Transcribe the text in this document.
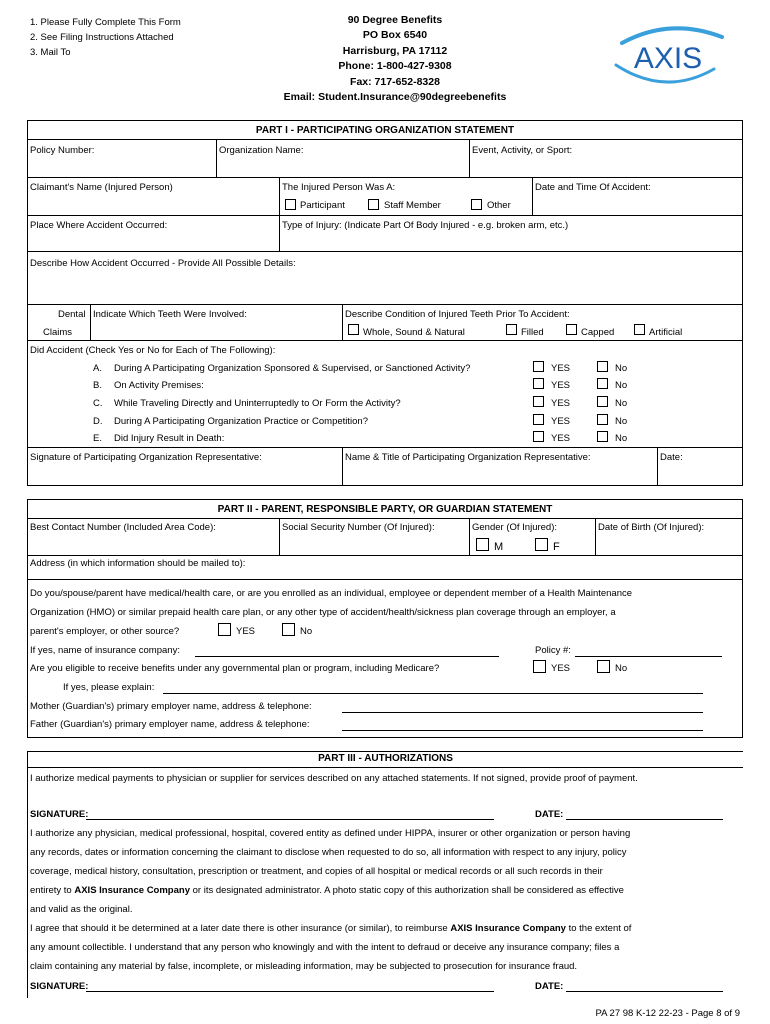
1. Please Fully Complete This Form
2. See Filing Instructions Attached
3. Mail To
90 Degree Benefits
PO Box 6540
Harrisburg, PA 17112
Phone: 1-800-427-9308
Fax: 717-652-8328
Email: Student.Insurance@90degreebenefits
AXIS
PART I - PARTICIPATING ORGANIZATION STATEMENT
Policy Number:	Organization Name:	Event, Activity, or Sport:
Claimant's Name (Injured Person)	The Injured Person Was A:
Participant	Staff Member	Other
Date and Time Of Accident:
Place Where Accident Occurred:	Type of Injury: (Indicate Part Of Body Injured - e.g. broken arm, etc.)
Describe How Accident Occurred - Provide All Possible Details:
Dental
Claims
Indicate Which Teeth Were Involved:	Describe Condition of Injured Teeth Prior To Accident:
Whole, Sound & Natural	Filled	Capped	Artificial
Did Accident (Check Yes or No for Each of The Following):
A. During A Participating Organization Sponsored & Supervised, or Sanctioned Activity?	YES	No
B. On Activity Premises:	YES	No
C. While Traveling Directly and Uninterruptedly to Or Form the Activity?	YES	No
D. During A Participating Organization Practice or Competition?	YES	No
E. Did Injury Result in Death:	YES	No
Signature of Participating Organization Representative:	Name & Title of Participating Organization Representative:	Date:
PART II - PARENT, RESPONSIBLE PARTY, OR GUARDIAN STATEMENT
Best Contact Number (Included Area Code):	Social Security Number (Of Injured):	Gender (Of Injured):
M	F
Date of Birth (Of Injured):
Address (in which information should be mailed to):
Do you/spouse/parent have medical/health care, or are you enrolled as an individual, employee or dependent member of a Health Maintenance
Organization (HMO) or similar prepaid health care plan, or any other type of accident/health/sickness plan coverage through an employer, a
parent's employer, or other source?	YES	No
If yes, name of insurance company:	Policy #:
Are you eligible to receive benefits under any governmental plan or program, including Medicare?	YES	No
If yes, please explain:
Mother (Guardian's) primary employer name, address & telephone:
Father (Guardian's) primary employer name, address & telephone:
PART III - AUTHORIZATIONS
I authorize medical payments to physician or supplier for services described on any attached statements. If not signed, provide proof of payment.
SIGNATURE:	DATE:
I authorize any physician, medical professional, hospital, covered entity as defined under HIPPA, insurer or other organization or person having
any records, dates or information concerning the claimant to disclose when requested to do so, all information with respect to any injury, policy
coverage, medical history, consultation, prescription or treatment, and copies of all hospital or medical records or all such records in their
entirety to AXIS Insurance Company or its designated administrator. A photo static copy of this authorization shall be considered as effective
and valid as the original.
I agree that should it be determined at a later date there is other insurance (or similar), to reimburse AXIS Insurance Company to the extent of
any amount collectible. I understand that any person who knowingly and with the intent to defraud or deceive any insurance company; files a
claim containing any material by false, incomplete, or misleading information, may be subjected to prosecution for insurance fraud.
SIGNATURE:	DATE:
PA 27 98 K-12 22-23 - Page 8 of 9
